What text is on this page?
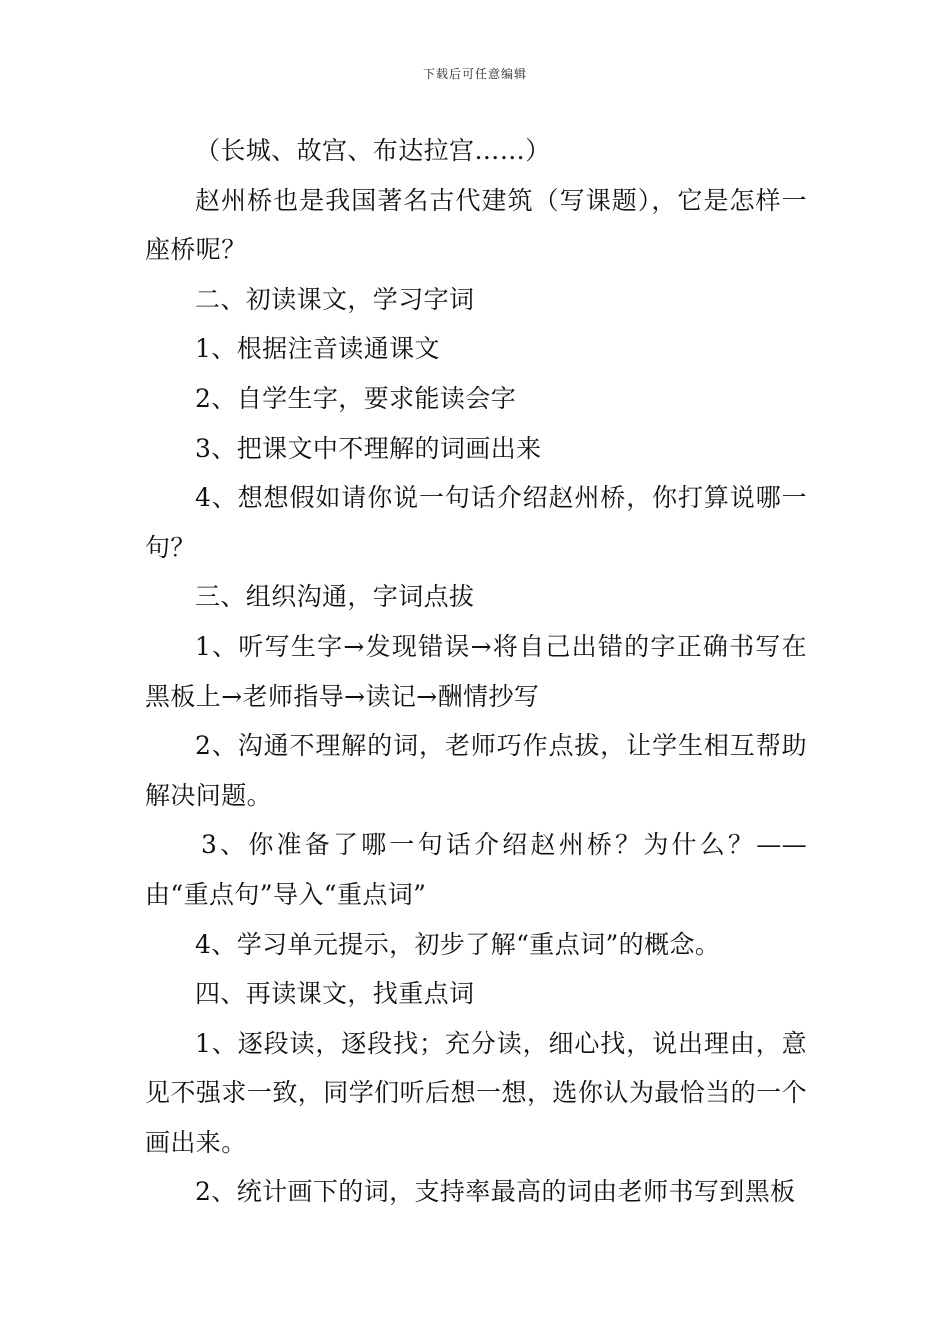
下载后可任意编辑

（长城、故宫、布达拉宫……）

赵州桥也是我国著名古代建筑（写课题），它是怎样一座桥呢？

二、初读课文，学习字词

1、根据注音读通课文

2、自学生字，要求能读会字

3、把课文中不理解的词画出来

4、想想假如请你说一句话介绍赵州桥，你打算说哪一句？

三、组织沟通，字词点拔

1、听写生字→发现错误→将自己出错的字正确书写在黑板上→老师指导→读记→酬情抄写

2、沟通不理解的词，老师巧作点拔，让学生相互帮助解决问题。

3、你准备了哪一句话介绍赵州桥？为什么？——由“重点句”导入“重点词”

4、学习单元提示，初步了解“重点词”的概念。

四、再读课文，找重点词

1、逐段读，逐段找；充分读，细心找，说出理由，意见不强求一致，同学们听后想一想，选你认为最恰当的一个画出来。

2、统计画下的词，支持率最高的词由老师书写到黑板
